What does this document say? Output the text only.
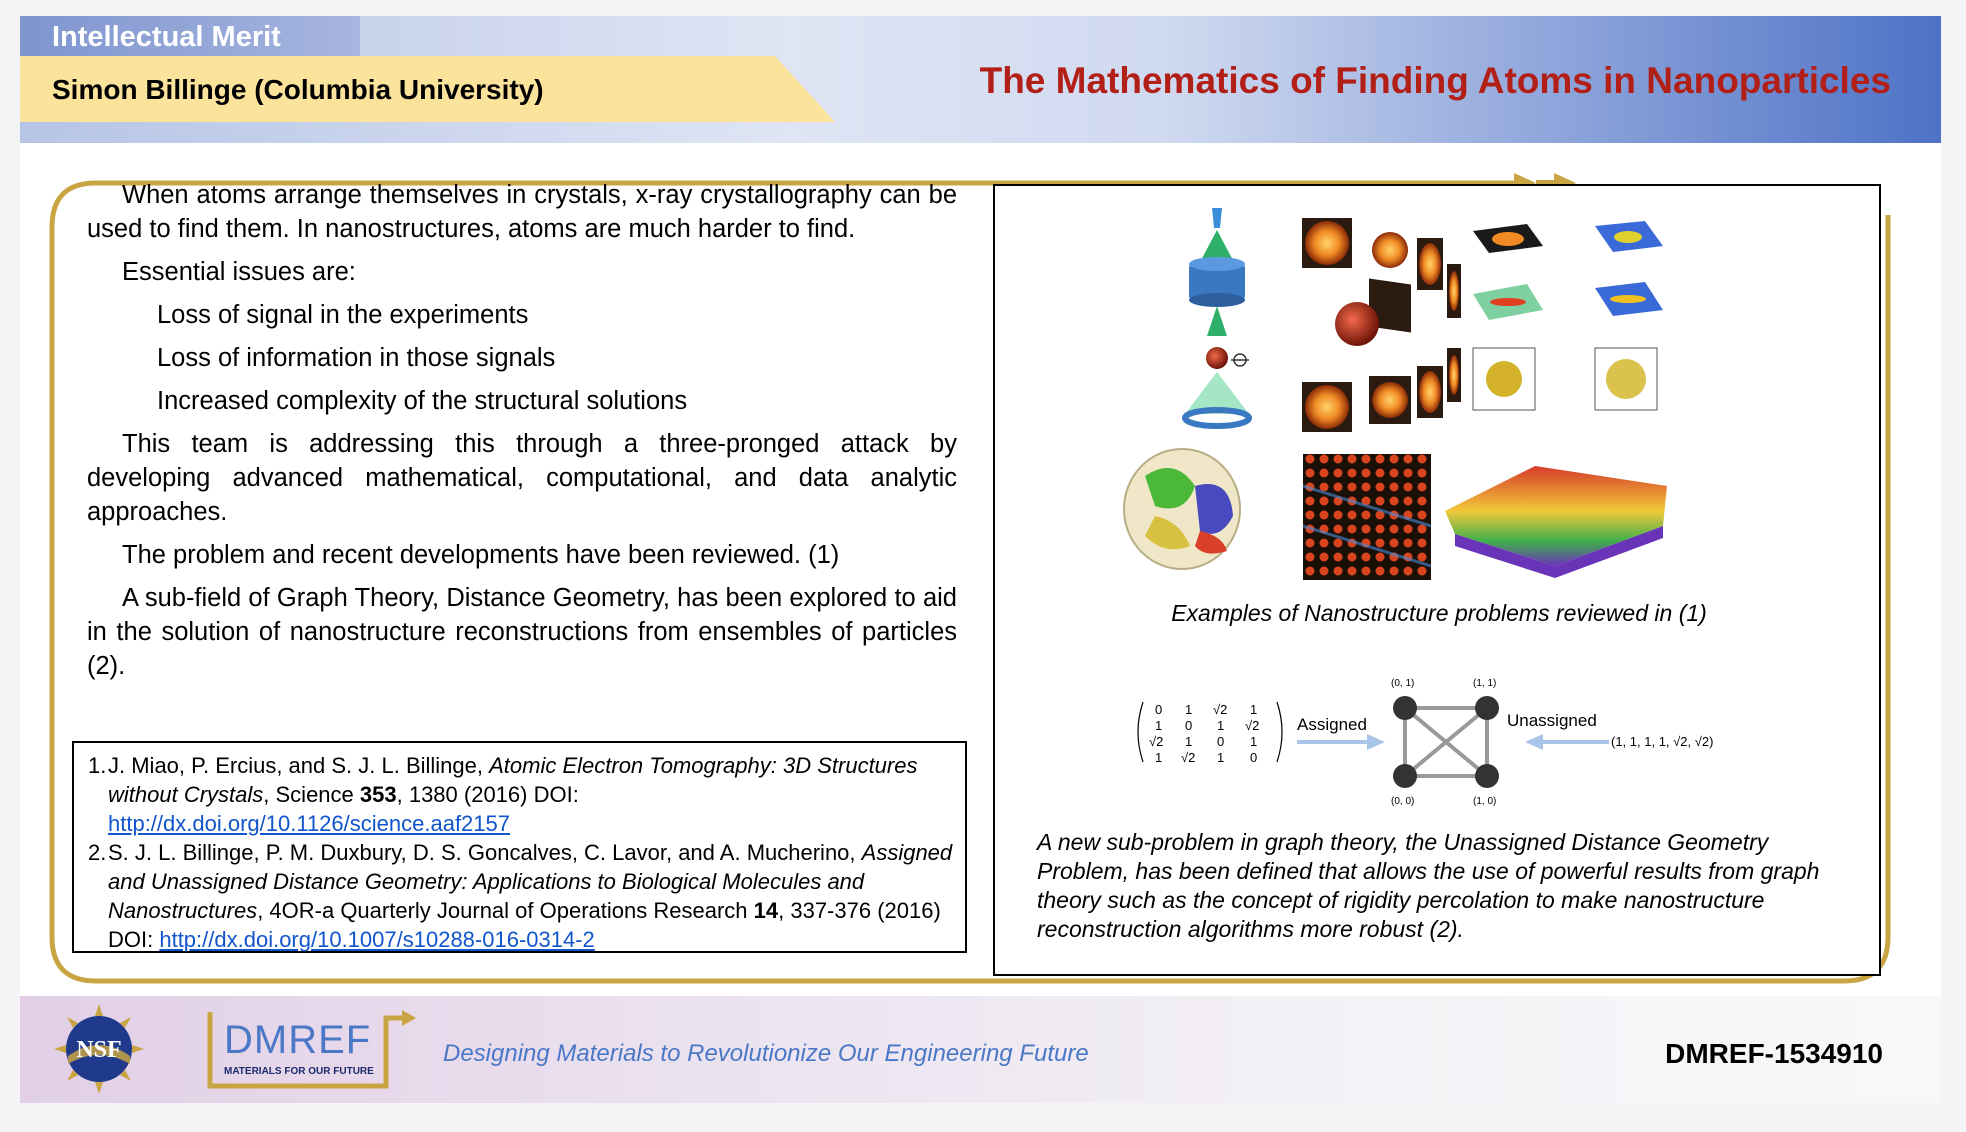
Intellectual Merit
Simon Billinge (Columbia University)	The Mathematics of Finding Atoms in Nanoparticles

When atoms arrange themselves in crystals, x-ray crystallography can be used to find them. In nanostructures, atoms are much harder to find.

Essential issues are:

Loss of signal in the experiments

Loss of information in those signals

Increased complexity of the structural solutions

This team is addressing this through a three-pronged attack by developing advanced mathematical, computational, and data analytic approaches.

The problem and recent developments have been reviewed. (1)

A sub-field of Graph Theory, Distance Geometry, has been explored to aid in the solution of nanostructure reconstructions from ensembles of particles (2).

1. J. Miao, P. Ercius, and S. J. L. Billinge, Atomic Electron Tomography: 3D Structures without Crystals, Science 353, 1380 (2016) DOI: http://dx.doi.org/10.1126/science.aaf2157
2. S. J. L. Billinge, P. M. Duxbury, D. S. Goncalves, C. Lavor, and A. Mucherino, Assigned and Unassigned Distance Geometry: Applications to Biological Molecules and Nanostructures, 4OR-a Quarterly Journal of Operations Research 14, 337-376 (2016) DOI: http://dx.doi.org/10.1007/s10288-016-0314-2
Examples of Nanostructure problems reviewed in (1)
0 1 √2 1
1 0 1 √2
√2 1 0 1
1 √2 1 0
Assigned
(0, 1)	(1, 1)
(0, 0)	(1, 0)
Unassigned
(1, 1, 1, 1, √2, √2)
A new sub-problem in graph theory, the Unassigned Distance Geometry Problem, has been defined that allows the use of powerful results from graph theory such as the concept of rigidity percolation to make nanostructure reconstruction algorithms more robust (2).
NSF	DMREF
MATERIALS FOR OUR FUTURE
Designing Materials to Revolutionize Our Engineering Future	DMREF-1534910
